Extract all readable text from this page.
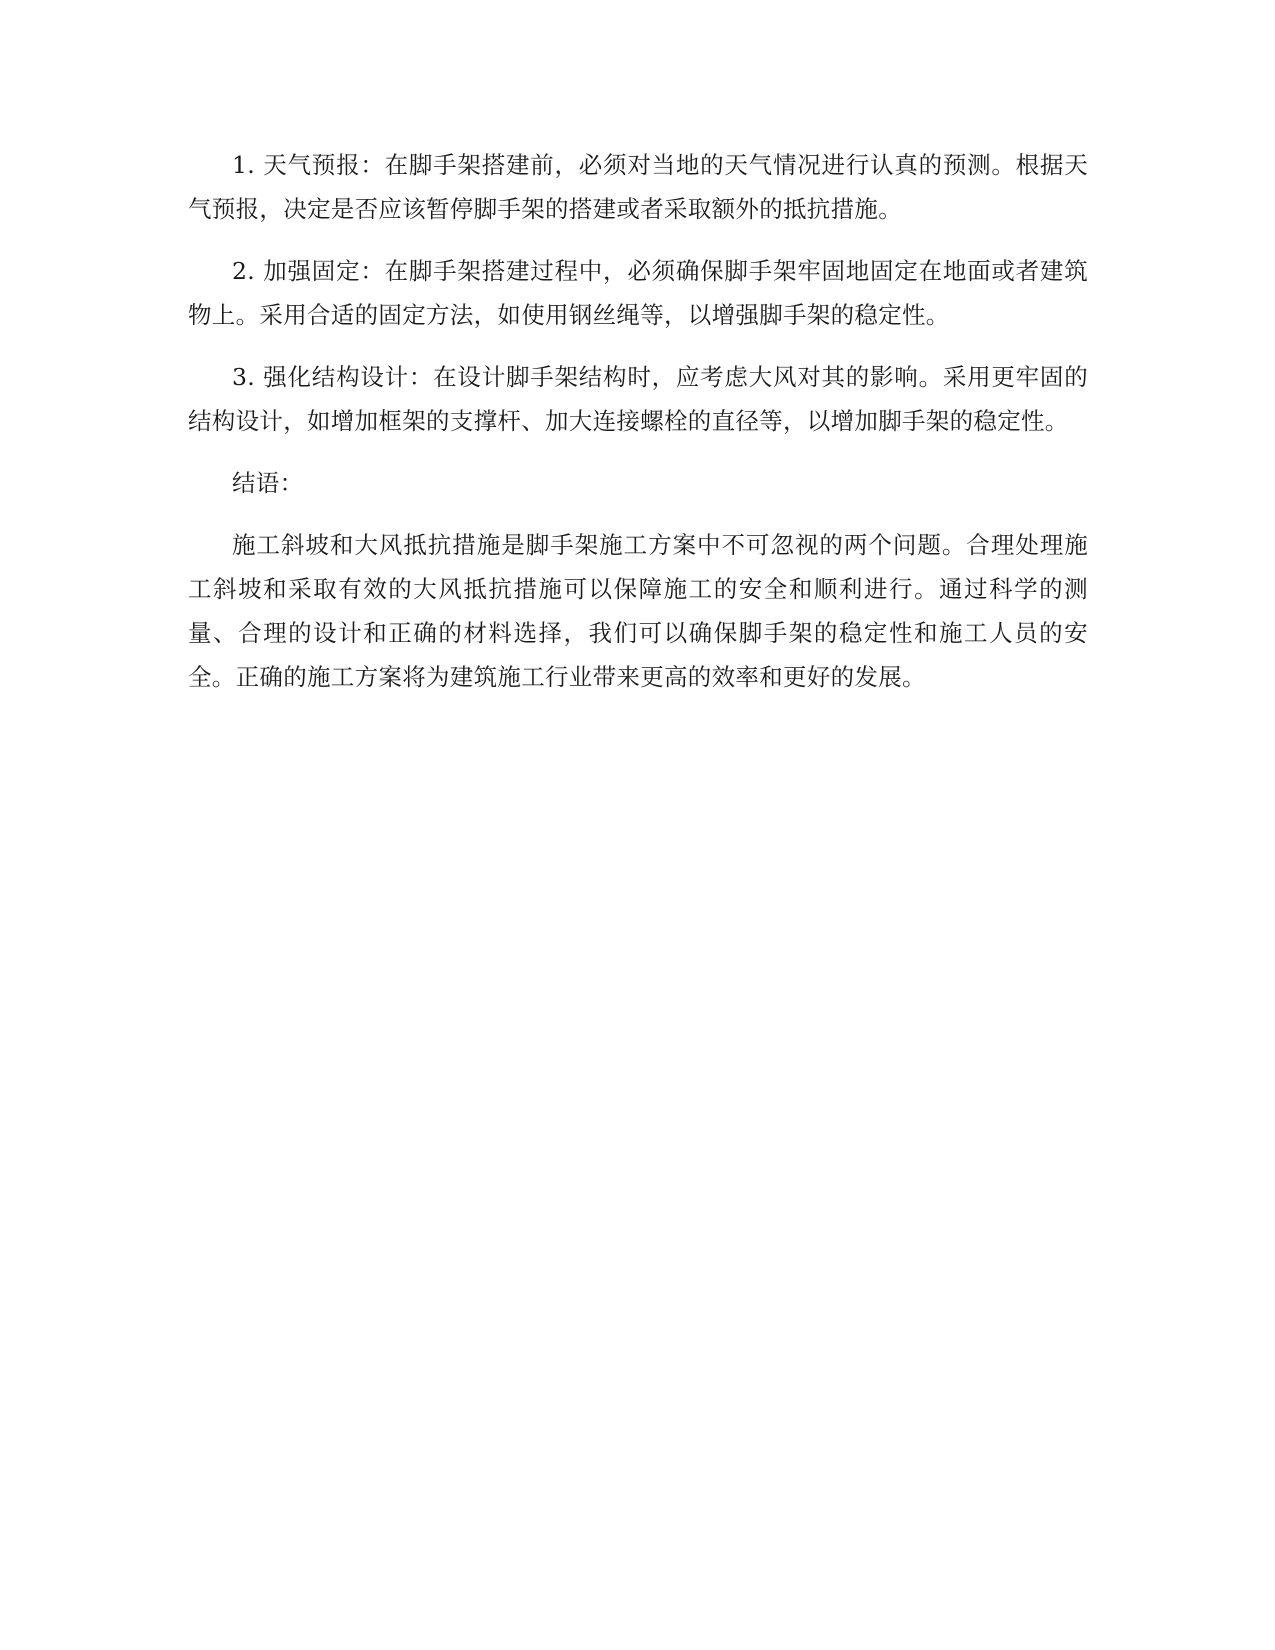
1. 天气预报：在脚手架搭建前，必须对当地的天气情况进行认真的预测。根据天气预报，决定是否应该暂停脚手架的搭建或者采取额外的抵抗措施。

2. 加强固定：在脚手架搭建过程中，必须确保脚手架牢固地固定在地面或者建筑物上。采用合适的固定方法，如使用钢丝绳等，以增强脚手架的稳定性。

3. 强化结构设计：在设计脚手架结构时，应考虑大风对其的影响。采用更牢固的结构设计，如增加框架的支撑杆、加大连接螺栓的直径等，以增加脚手架的稳定性。

结语：

施工斜坡和大风抵抗措施是脚手架施工方案中不可忽视的两个问题。合理处理施工斜坡和采取有效的大风抵抗措施可以保障施工的安全和顺利进行。通过科学的测量、合理的设计和正确的材料选择，我们可以确保脚手架的稳定性和施工人员的安全。正确的施工方案将为建筑施工行业带来更高的效率和更好的发展。
